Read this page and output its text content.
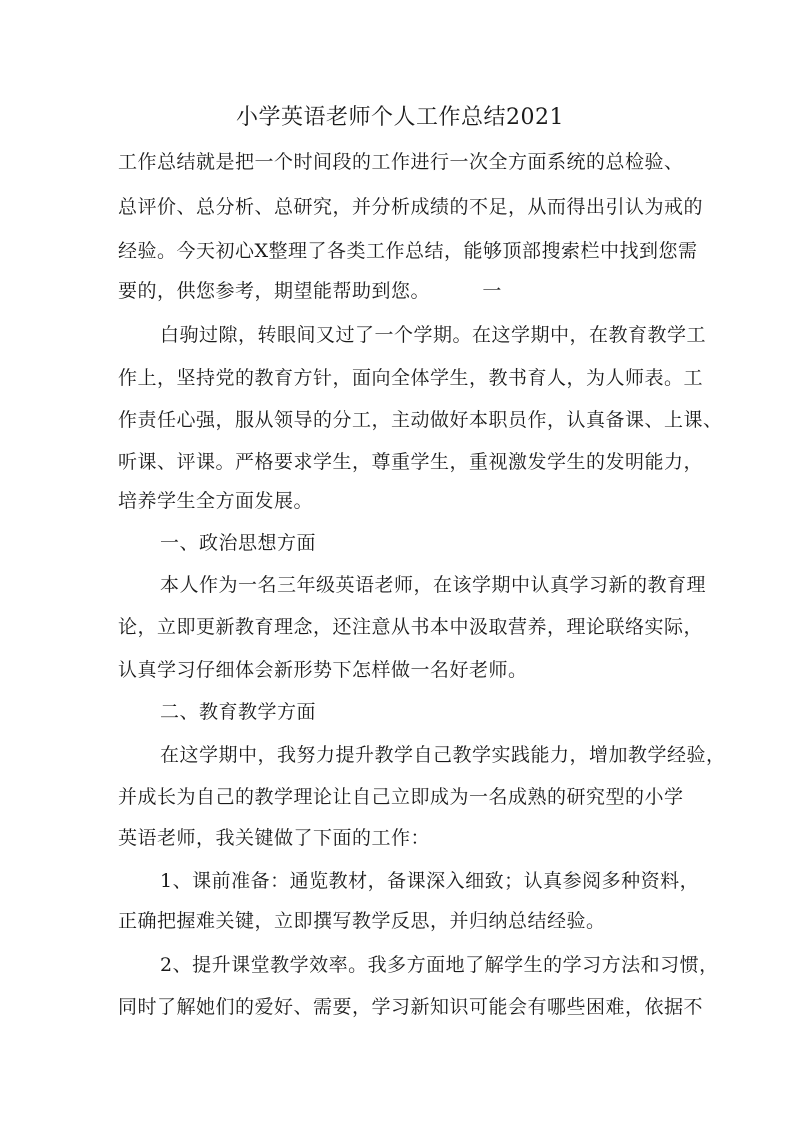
小学英语老师个人工作总结2021
工作总结就是把一个时间段的工作进行一次全方面系统的总检验、
总评价、总分析、总研究，并分析成绩的不足，从而得出引认为戒的
经验。今天初心X整理了各类工作总结，能够顶部搜索栏中找到您需
要的，供您参考，期望能帮助到您。        一
白驹过隙，转眼间又过了一个学期。在这学期中，在教育教学工
作上，坚持党的教育方针，面向全体学生，教书育人，为人师表。工
作责任心强，服从领导的分工，主动做好本职员作，认真备课、上课、
听课、评课。严格要求学生，尊重学生，重视激发学生的发明能力，
培养学生全方面发展。
一、政治思想方面
本人作为一名三年级英语老师，在该学期中认真学习新的教育理
论，立即更新教育理念，还注意从书本中汲取营养，理论联络实际，
认真学习仔细体会新形势下怎样做一名好老师。
二、教育教学方面
在这学期中，我努力提升教学自己教学实践能力，增加教学经验，
并成长为自己的教学理论让自己立即成为一名成熟的研究型的小学
英语老师，我关键做了下面的工作：
1、课前准备：通览教材，备课深入细致；认真参阅多种资料，
正确把握难关键，立即撰写教学反思，并归纳总结经验。
2、提升课堂教学效率。我多方面地了解学生的学习方法和习惯，
同时了解她们的爱好、需要，学习新知识可能会有哪些困难，依据不
